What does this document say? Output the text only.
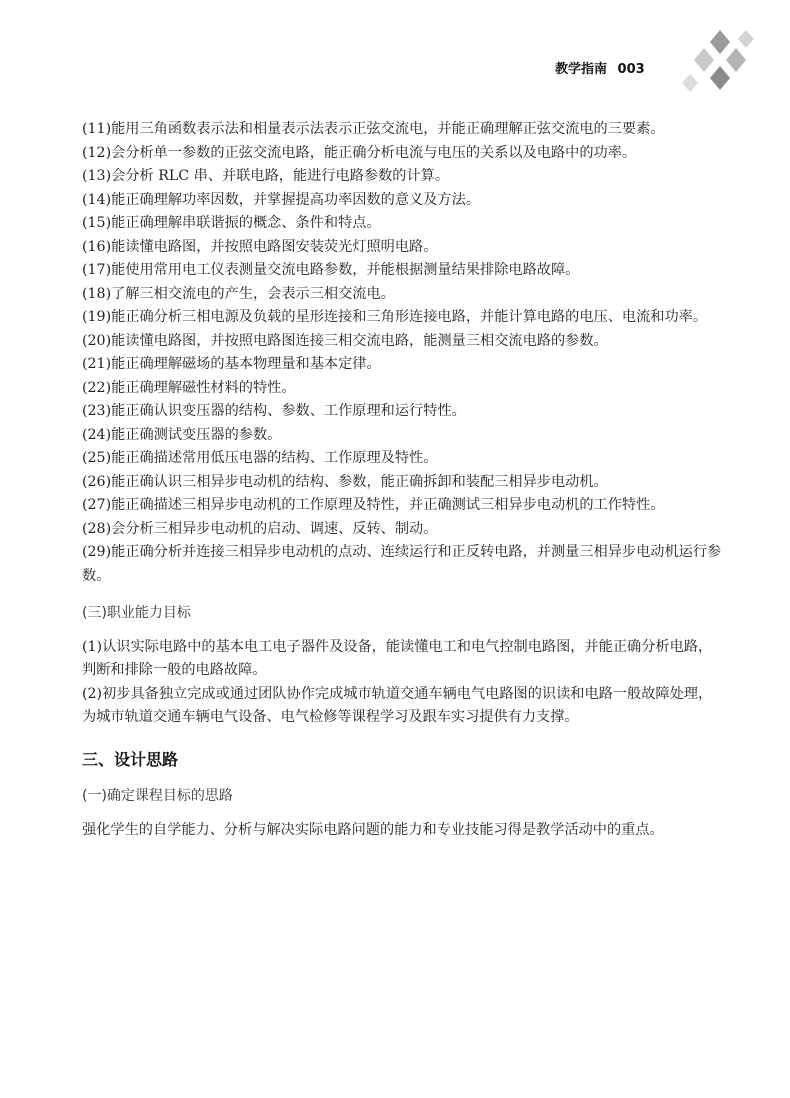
教学指南 003

(11)能用三角函数表示法和相量表示法表示正弦交流电，并能正确理解正弦交流电的三要素。

(12)会分析单一参数的正弦交流电路，能正确分析电流与电压的关系以及电路中的功率。

(13)会分析 RLC 串、并联电路，能进行电路参数的计算。

(14)能正确理解功率因数，并掌握提高功率因数的意义及方法。

(15)能正确理解串联谐振的概念、条件和特点。

(16)能读懂电路图，并按照电路图安装荧光灯照明电路。

(17)能使用常用电工仪表测量交流电路参数，并能根据测量结果排除电路故障。

(18)了解三相交流电的产生，会表示三相交流电。

(19)能正确分析三相电源及负载的星形连接和三角形连接电路，并能计算电路的电压、电流和功率。

(20)能读懂电路图，并按照电路图连接三相交流电路，能测量三相交流电路的参数。

(21)能正确理解磁场的基本物理量和基本定律。

(22)能正确理解磁性材料的特性。

(23)能正确认识变压器的结构、参数、工作原理和运行特性。

(24)能正确测试变压器的参数。

(25)能正确描述常用低压电器的结构、工作原理及特性。

(26)能正确认识三相异步电动机的结构、参数，能正确拆卸和装配三相异步电动机。

(27)能正确描述三相异步电动机的工作原理及特性，并正确测试三相异步电动机的工作特性。

(28)会分析三相异步电动机的启动、调速、反转、制动。

(29)能正确分析并连接三相异步电动机的点动、连续运行和正反转电路，并测量三相异步电动机运行参数。

(三)职业能力目标

(1)认识实际电路中的基本电工电子器件及设备，能读懂电工和电气控制电路图，并能正确分析电路，判断和排除一般的电路故障。

(2)初步具备独立完成或通过团队协作完成城市轨道交通车辆电气电路图的识读和电路一般故障处理，为城市轨道交通车辆电气设备、电气检修等课程学习及跟车实习提供有力支撑。

三、设计思路
(一)确定课程目标的思路

强化学生的自学能力、分析与解决实际电路问题的能力和专业技能习得是教学活动中的重点。
